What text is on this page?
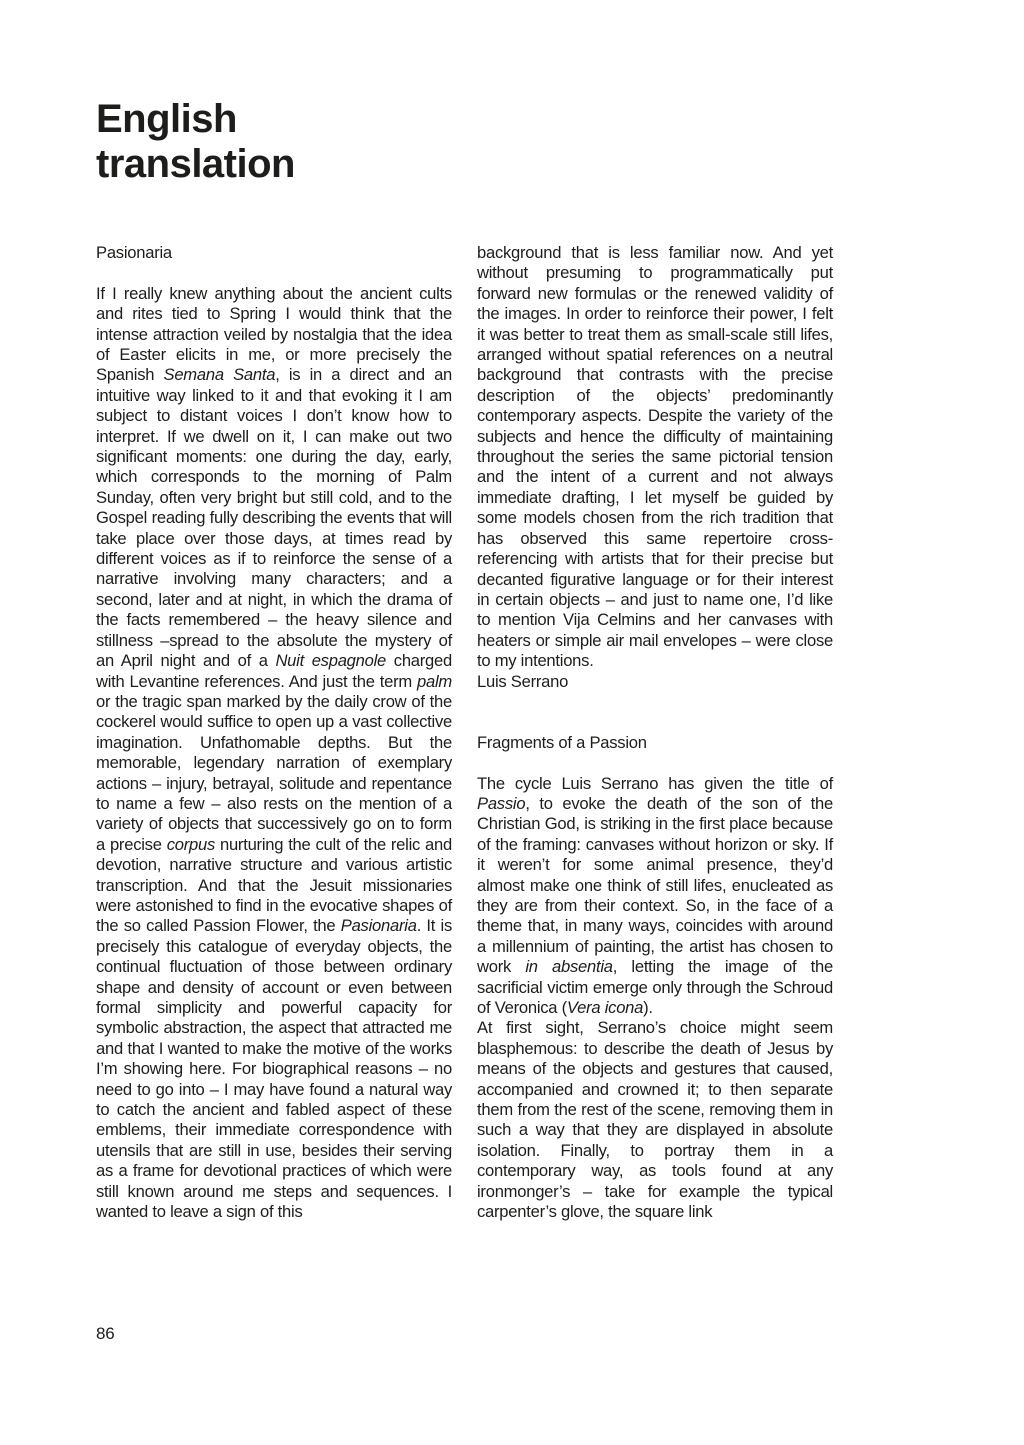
English
translation
Pasionaria

If I really knew anything about the ancient cults and rites tied to Spring I would think that the intense attraction veiled by nostalgia that the idea of Easter elicits in me, or more precisely the Spanish Semana Santa, is in a direct and an intuitive way linked to it and that evoking it I am subject to distant voices I don’t know how to interpret. If we dwell on it, I can make out two significant moments: one during the day, early, which corresponds to the morning of Palm Sunday, often very bright but still cold, and to the Gospel reading fully describing the events that will take place over those days, at times read by different voices as if to reinforce the sense of a narrative involving many characters; and a second, later and at night, in which the drama of the facts remembered – the heavy silence and stillness –spread to the absolute the mystery of an April night and of a Nuit espagnole charged with Levantine references. And just the term palm or the tragic span marked by the daily crow of the cockerel would suffice to open up a vast collective imagination. Unfathomable depths. But the memorable, legendary narration of exemplary actions – injury, betrayal, solitude and repentance to name a few – also rests on the mention of a variety of objects that successively go on to form a precise corpus nurturing the cult of the relic and devotion, narrative structure and various artistic transcription. And that the Jesuit missionaries were astonished to find in the evocative shapes of the so called Passion Flower, the Pasionaria. It is precisely this catalogue of everyday objects, the continual fluctuation of those between ordinary shape and density of account or even between formal simplicity and powerful capacity for symbolic abstraction, the aspect that attracted me and that I wanted to make the motive of the works I’m showing here. For biographical reasons – no need to go into – I may have found a natural way to catch the ancient and fabled aspect of these emblems, their immediate correspondence with utensils that are still in use, besides their serving as a frame for devotional practices of which were still known around me steps and sequences. I wanted to leave a sign of this

background that is less familiar now. And yet without presuming to programmatically put forward new formulas or the renewed validity of the images. In order to reinforce their power, I felt it was better to treat them as small-scale still lifes, arranged without spatial references on a neutral background that contrasts with the precise description of the objects’ predominantly contemporary aspects. Despite the variety of the subjects and hence the difficulty of maintaining throughout the series the same pictorial tension and the intent of a current and not always immediate drafting, I let myself be guided by some models chosen from the rich tradition that has observed this same repertoire cross-referencing with artists that for their precise but decanted figurative language or for their interest in certain objects – and just to name one, I’d like to mention Vija Celmins and her canvases with heaters or simple air mail envelopes – were close to my intentions.

Luis Serrano

Fragments of a Passion

The cycle Luis Serrano has given the title of Passio, to evoke the death of the son of the Christian God, is striking in the first place because of the framing: canvases without horizon or sky. If it weren’t for some animal presence, they’d almost make one think of still lifes, enucleated as they are from their context. So, in the face of a theme that, in many ways, coincides with around a millennium of painting, the artist has chosen to work in absentia, letting the image of the sacrificial victim emerge only through the Schroud of Veronica (Vera icona).

At first sight, Serrano’s choice might seem blasphemous: to describe the death of Jesus by means of the objects and gestures that caused, accompanied and crowned it; to then separate them from the rest of the scene, removing them in such a way that they are displayed in absolute isolation. Finally, to portray them in a contemporary way, as tools found at any ironmonger’s – take for example the typical carpenter’s glove, the square link

86
